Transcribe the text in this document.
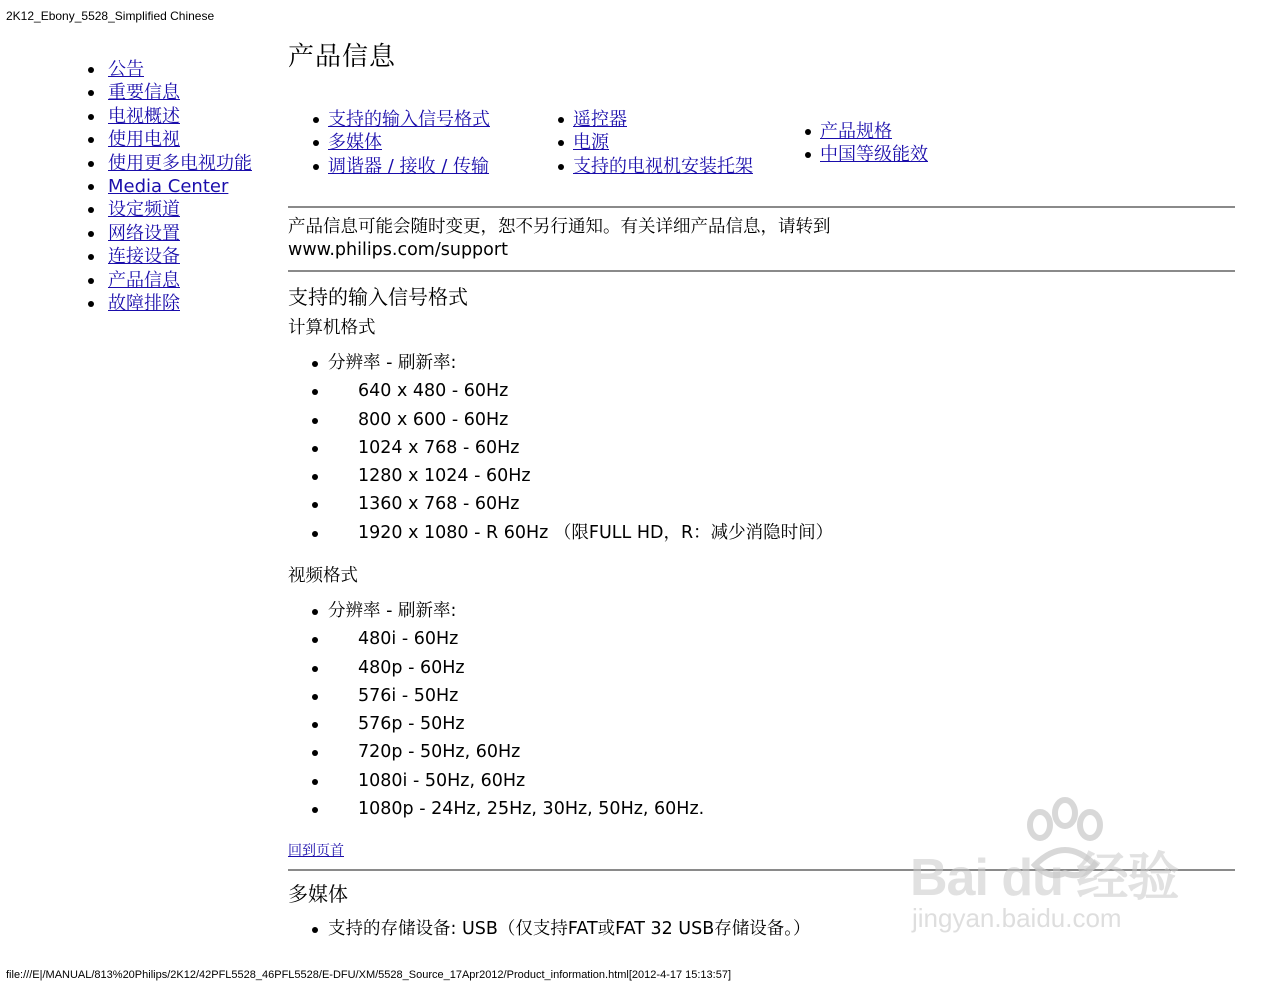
2K12_Ebony_5528_Simplified Chinese
公告
重要信息
电视概述
使用电视
使用更多电视功能
Media Center
设定频道
网络设置
连接设备
产品信息
故障排除
产品信息
支持的输入信号格式
多媒体
调谐器 / 接收 / 传输
遥控器
电源
支持的电视机安装托架
产品规格
中国等级能效
产品信息可能会随时变更，恕不另行通知。有关详细产品信息，请转到
www.philips.com/support
支持的输入信号格式
计算机格式
分辨率 - 刷新率:
640 x 480 - 60Hz
800 x 600 - 60Hz
1024 x 768 - 60Hz
1280 x 1024 - 60Hz
1360 x 768 - 60Hz
1920 x 1080 - R 60Hz （限FULL HD，R：减少消隐时间）
视频格式
分辨率 - 刷新率:
480i - 60Hz
480p - 60Hz
576i - 50Hz
576p - 50Hz
720p - 50Hz, 60Hz
1080i - 50Hz, 60Hz
1080p - 24Hz, 25Hz, 30Hz, 50Hz, 60Hz.
回到页首
多媒体
支持的存储设备: USB（仅支持FAT或FAT 32 USB存储设备。）
Bai du 经验
jingyan.baidu.com
file:///E|/MANUAL/813%20Philips/2K12/42PFL5528_46PFL5528/E-DFU/XM/5528_Source_17Apr2012/Product_information.html[2012-4-17 15:13:57]
